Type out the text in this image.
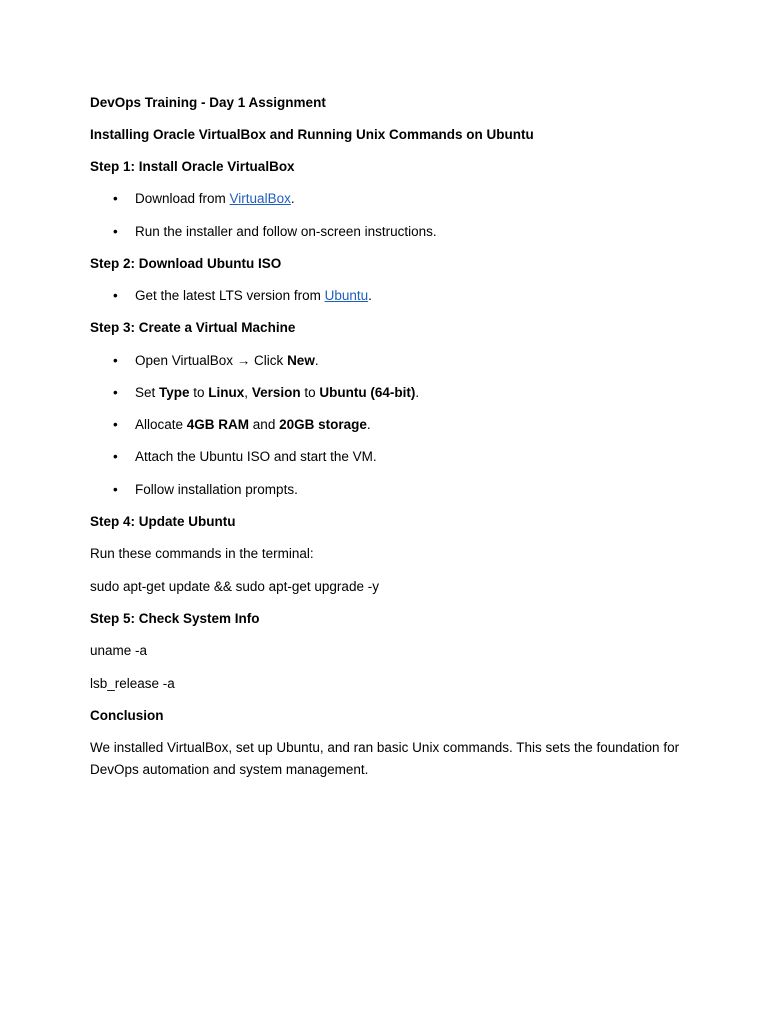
DevOps Training - Day 1 Assignment
Installing Oracle VirtualBox and Running Unix Commands on Ubuntu
Step 1: Install Oracle VirtualBox
• Download from VirtualBox.
• Run the installer and follow on-screen instructions.
Step 2: Download Ubuntu ISO
• Get the latest LTS version from Ubuntu.
Step 3: Create a Virtual Machine
• Open VirtualBox → Click New.
• Set Type to Linux, Version to Ubuntu (64-bit).
• Allocate 4GB RAM and 20GB storage.
• Attach the Ubuntu ISO and start the VM.
• Follow installation prompts.
Step 4: Update Ubuntu
Run these commands in the terminal:
sudo apt-get update && sudo apt-get upgrade -y
Step 5: Check System Info
uname -a
lsb_release -a
Conclusion
We installed VirtualBox, set up Ubuntu, and ran basic Unix commands. This sets the foundation for DevOps automation and system management.
